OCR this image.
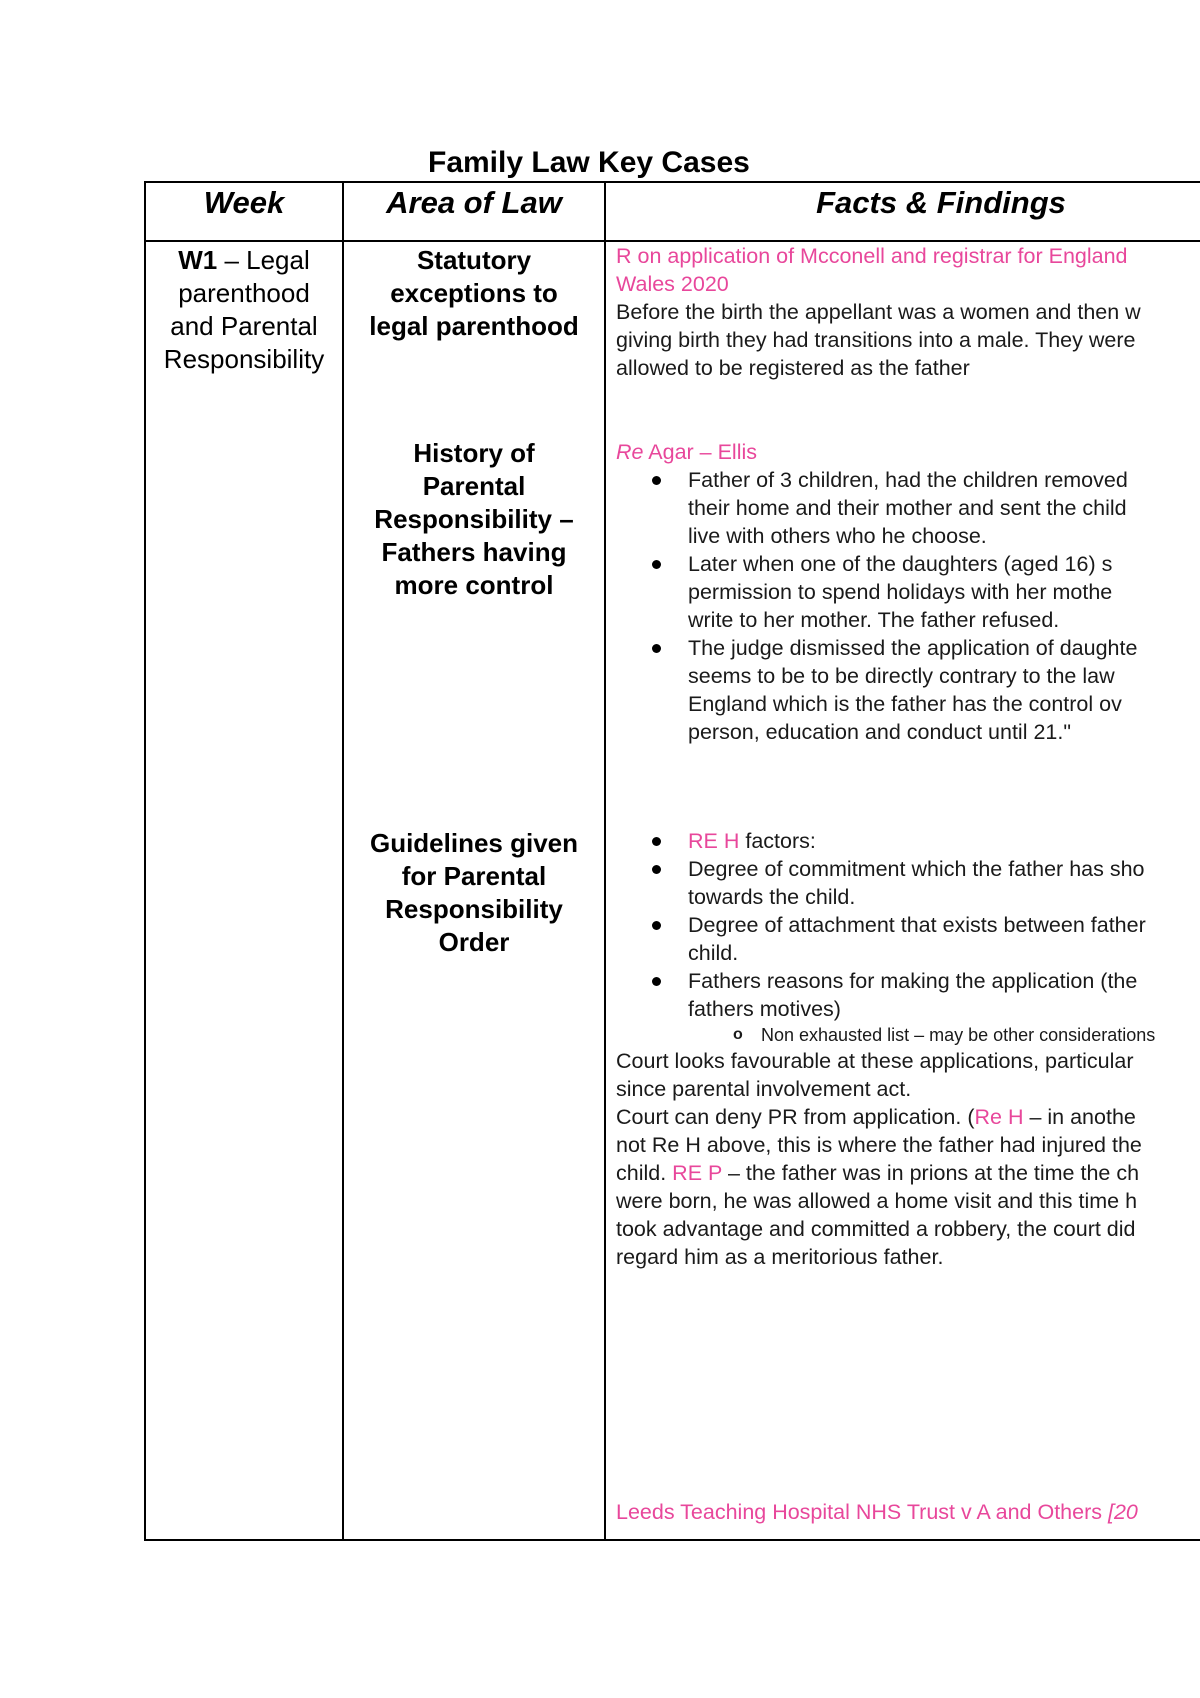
Family Law Key Cases
Week	Area of Law	Facts & Findings
W1 – Legal
parenthood
and Parental
Responsibility
Statutory
exceptions to
legal parenthood
History of
Parental
Responsibility –
Fathers having
more control
Guidelines given
for Parental
Responsibility
Order
R on application of Mcconell and registrar for England
Wales 2020
Before the birth the appellant was a women and then w
giving birth they had transitions into a male. They were
allowed to be registered as the father
Re Agar – Ellis
Father of 3 children, had the children removed
their home and their mother and sent the child
live with others who he choose.
Later when one of the daughters (aged 16) s
permission to spend holidays with her mothe
write to her mother. The father refused.
The judge dismissed the application of daughte
seems to be to be directly contrary to the law
England which is the father has the control ov
person, education and conduct until 21."
RE H factors:
Degree of commitment which the father has sho
towards the child.
Degree of attachment that exists between father
child.
Fathers reasons for making the application (the
fathers motives)
o Non exhausted list – may be other considerations
Court looks favourable at these applications, particular
since parental involvement act.
Court can deny PR from application. (Re H – in anothe
not Re H above, this is where the father had injured the
child. RE P – the father was in prions at the time the ch
were born, he was allowed a home visit and this time h
took advantage and committed a robbery, the court did
regard him as a meritorious father.
Leeds Teaching Hospital NHS Trust v A and Others [20
